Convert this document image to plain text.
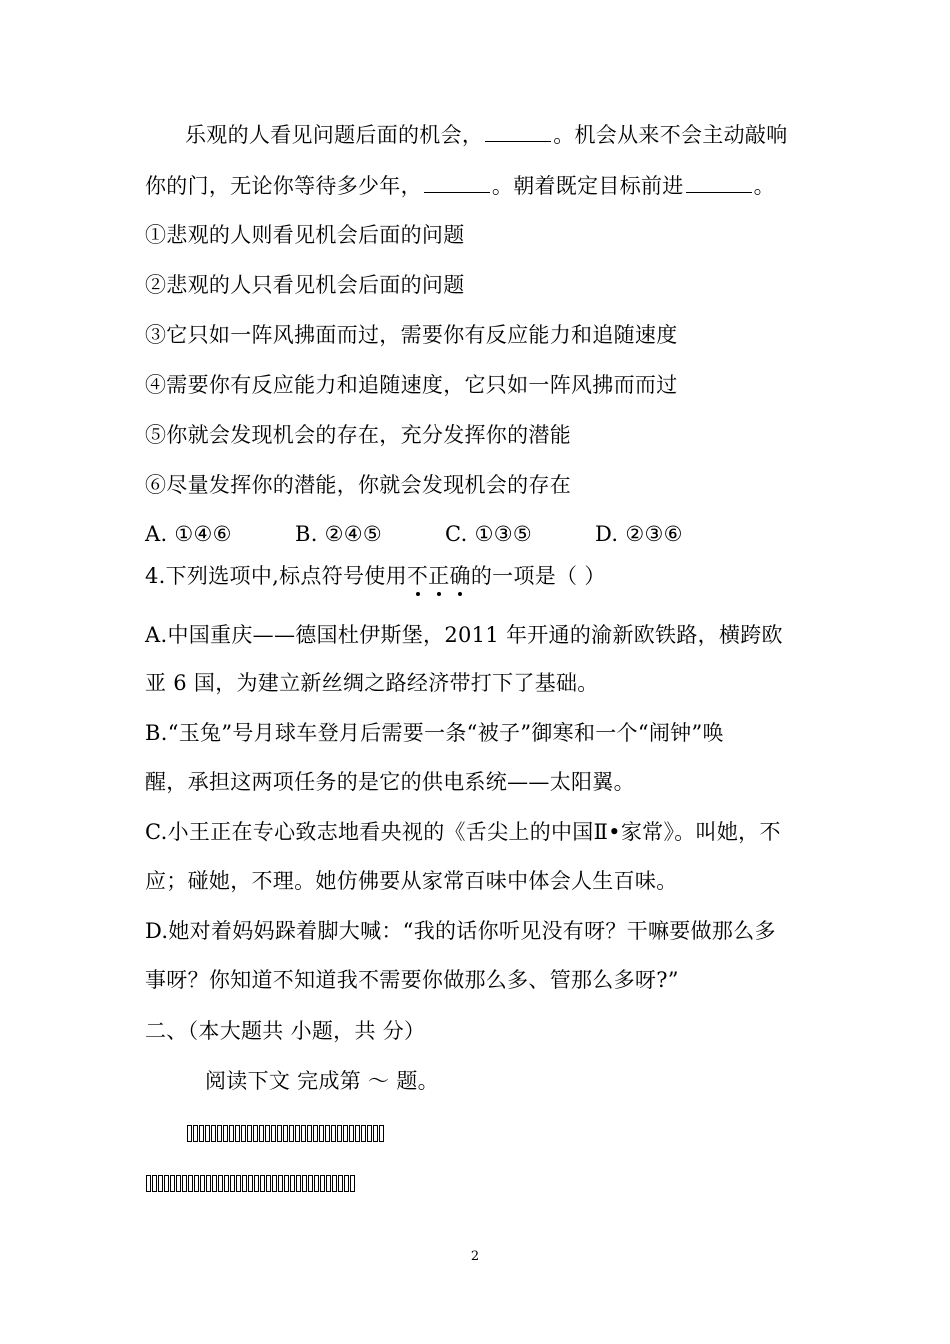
乐观的人看见问题后面的机会，	。机会从来不会主动敲响
你的门，无论你等待多少年，	。朝着既定目标前进	。
①悲观的人则看见机会后面的问题
②悲观的人只看见机会后面的问题
③它只如一阵风拂面而过，需要你有反应能力和追随速度
④需要你有反应能力和追随速度，它只如一阵风拂而而过
⑤你就会发现机会的存在，充分发挥你的潜能
⑥尽量发挥你的潜能，你就会发现机会的存在
A. ①④⑥	B. ②④⑤	C. ①③⑤	D. ②③⑥
4.下列选项中,标点符号使用不正确的一项是（ ）
A.中国重庆——德国杜伊斯堡，2011 年开通的渝新欧铁路，横跨欧
亚 6 国，为建立新丝绸之路经济带打下了基础。
B.“玉兔”号月球车登月后需要一条“被子”御寒和一个“闹钟”唤
醒，承担这两项任务的是它的供电系统——太阳翼。
C.小王正在专心致志地看央视的《舌尖上的中国Ⅱ•家常》。叫她，不
应；碰她，不理。她仿佛要从家常百味中体会人生百味。
D.她对着妈妈跺着脚大喊：“我的话你听见没有呀？干嘛要做那么多
事呀？你知道不知道我不需要你做那么多、管那么多呀?”
二、（本大题共 小题，共 分）
阅读下文 完成第 ～ 题。
2
